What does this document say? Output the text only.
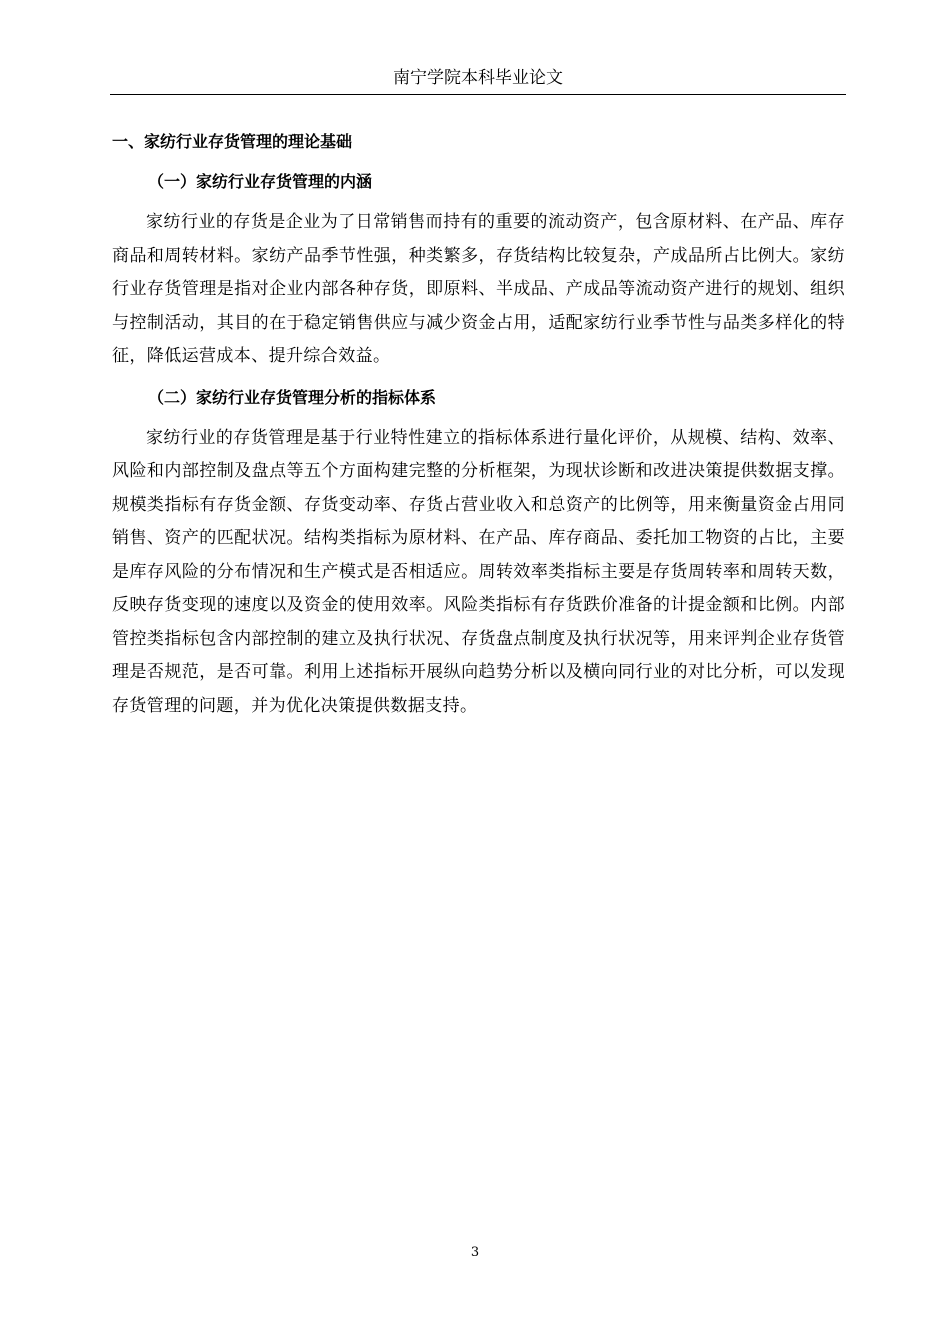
南宁学院本科毕业论文
一、家纺行业存货管理的理论基础
（一）家纺行业存货管理的内涵

家纺行业的存货是企业为了日常销售而持有的重要的流动资产，包含原材料、在产品、库存商品和周转材料。家纺产品季节性强，种类繁多，存货结构比较复杂，产成品所占比例大。家纺行业存货管理是指对企业内部各种存货，即原料、半成品、产成品等流动资产进行的规划、组织与控制活动，其目的在于稳定销售供应与减少资金占用，适配家纺行业季节性与品类多样化的特征，降低运营成本、提升综合效益。

（二）家纺行业存货管理分析的指标体系

家纺行业的存货管理是基于行业特性建立的指标体系进行量化评价，从规模、结构、效率、风险和内部控制及盘点等五个方面构建完整的分析框架，为现状诊断和改进决策提供数据支撑。规模类指标有存货金额、存货变动率、存货占营业收入和总资产的比例等，用来衡量资金占用同销售、资产的匹配状况。结构类指标为原材料、在产品、库存商品、委托加工物资的占比，主要是库存风险的分布情况和生产模式是否相适应。周转效率类指标主要是存货周转率和周转天数，反映存货变现的速度以及资金的使用效率。风险类指标有存货跌价准备的计提金额和比例。内部管控类指标包含内部控制的建立及执行状况、存货盘点制度及执行状况等，用来评判企业存货管理是否规范，是否可靠。利用上述指标开展纵向趋势分析以及横向同行业的对比分析，可以发现存货管理的问题，并为优化决策提供数据支持。

3
